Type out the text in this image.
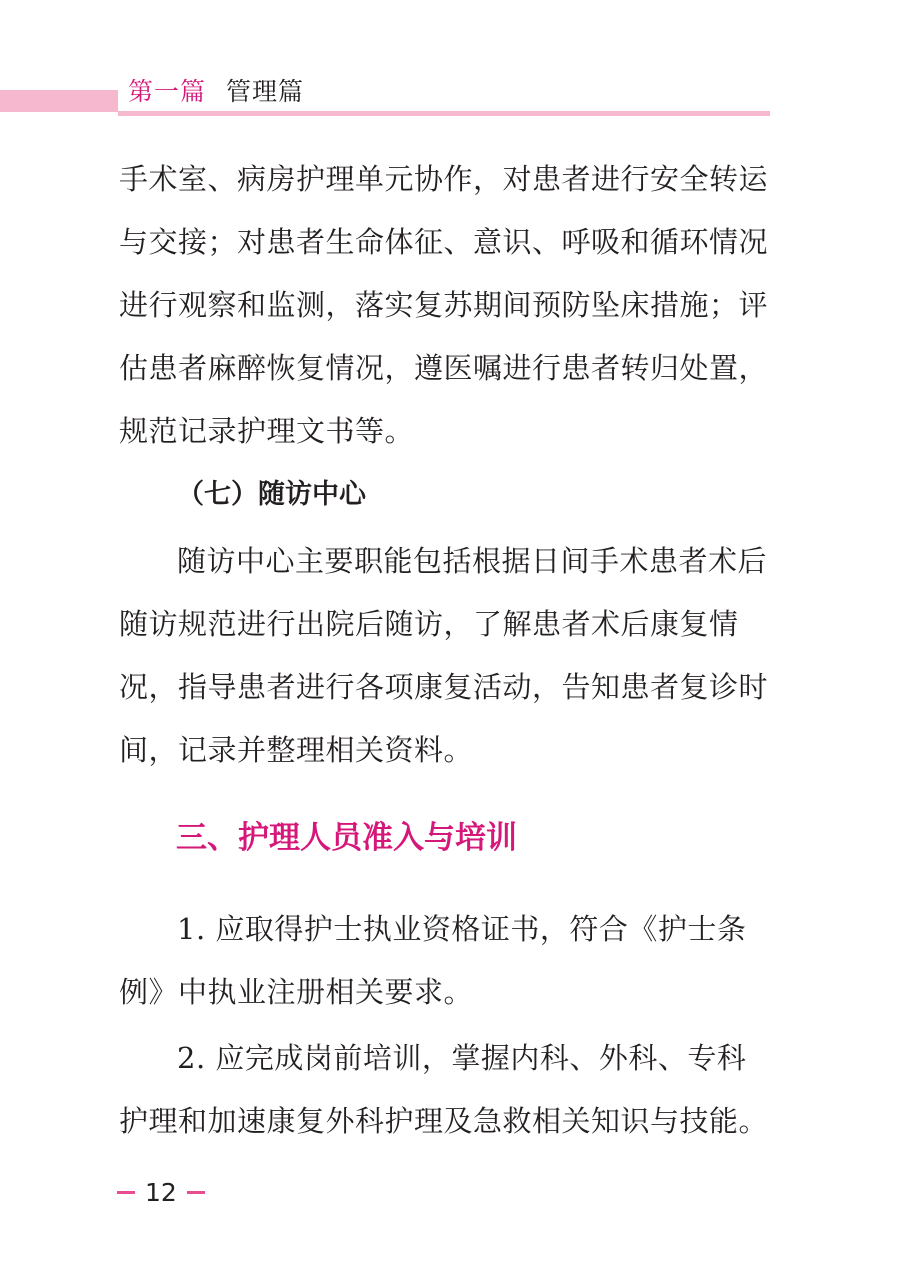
第一篇 管理篇

手术室、病房护理单元协作，对患者进行安全转运与交接；对患者生命体征、意识、呼吸和循环情况进行观察和监测，落实复苏期间预防坠床措施；评估患者麻醉恢复情况，遵医嘱进行患者转归处置，规范记录护理文书等。

（七）随访中心

随访中心主要职能包括根据日间手术患者术后随访规范进行出院后随访，了解患者术后康复情况，指导患者进行各项康复活动，告知患者复诊时间，记录并整理相关资料。

三、护理人员准入与培训

1. 应取得护士执业资格证书，符合《护士条例》中执业注册相关要求。

2. 应完成岗前培训，掌握内科、外科、专科护理和加速康复外科护理及急救相关知识与技能。

12
